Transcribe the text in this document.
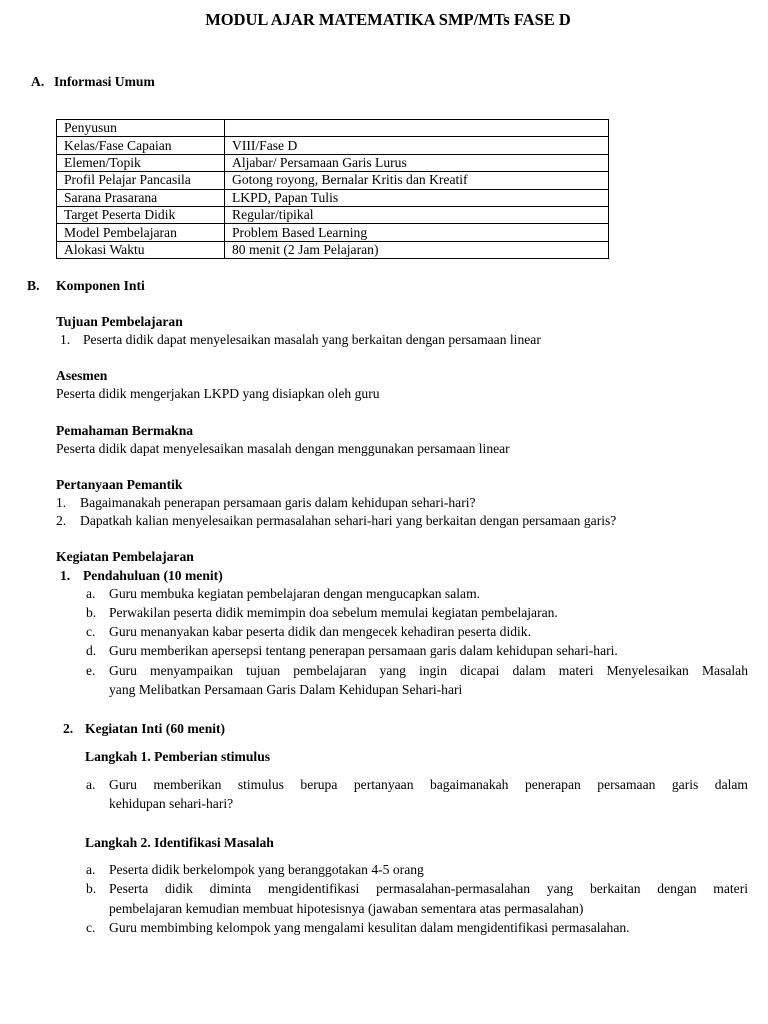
MODUL AJAR MATEMATIKA SMP/MTs FASE D
A. Informasi Umum
Penyusun	
Kelas/Fase Capaian	VIII/Fase D
Elemen/Topik	Aljabar/ Persamaan Garis Lurus
Profil Pelajar Pancasila	Gotong royong, Bernalar Kritis dan Kreatif
Sarana Prasarana	LKPD, Papan Tulis
Target Peserta Didik	Regular/tipikal
Model Pembelajaran	Problem Based Learning
Alokasi Waktu	80 menit (2 Jam Pelajaran)
B. Komponen Inti
Tujuan Pembelajaran
1. Peserta didik dapat menyelesaikan masalah yang berkaitan dengan persamaan linear
Asesmen
Peserta didik mengerjakan LKPD yang disiapkan oleh guru
Pemahaman Bermakna
Peserta didik dapat menyelesaikan masalah dengan menggunakan persamaan linear
Pertanyaan Pemantik
1. Bagaimanakah penerapan persamaan garis dalam kehidupan sehari-hari?
2. Dapatkah kalian menyelesaikan permasalahan sehari-hari yang berkaitan dengan persamaan garis?
Kegiatan Pembelajaran
1. Pendahuluan (10 menit)
a. Guru membuka kegiatan pembelajaran dengan mengucapkan salam.
b. Perwakilan peserta didik memimpin doa sebelum memulai kegiatan pembelajaran.
c. Guru menanyakan kabar peserta didik dan mengecek kehadiran peserta didik.
d. Guru memberikan apersepsi tentang penerapan persamaan garis dalam kehidupan sehari-hari.
e. Guru menyampaikan tujuan pembelajaran yang ingin dicapai dalam materi Menyelesaikan Masalah
yang Melibatkan Persamaan Garis Dalam Kehidupan Sehari-hari
2. Kegiatan Inti (60 menit)
Langkah 1. Pemberian stimulus
a. Guru memberikan stimulus berupa pertanyaan bagaimanakah penerapan persamaan garis dalam
kehidupan sehari-hari?
Langkah 2. Identifikasi Masalah
a. Peserta didik berkelompok yang beranggotakan 4-5 orang
b. Peserta didik diminta mengidentifikasi permasalahan-permasalahan yang berkaitan dengan materi
pembelajaran kemudian membuat hipotesisnya (jawaban sementara atas permasalahan)
c. Guru membimbing kelompok yang mengalami kesulitan dalam mengidentifikasi permasalahan.
